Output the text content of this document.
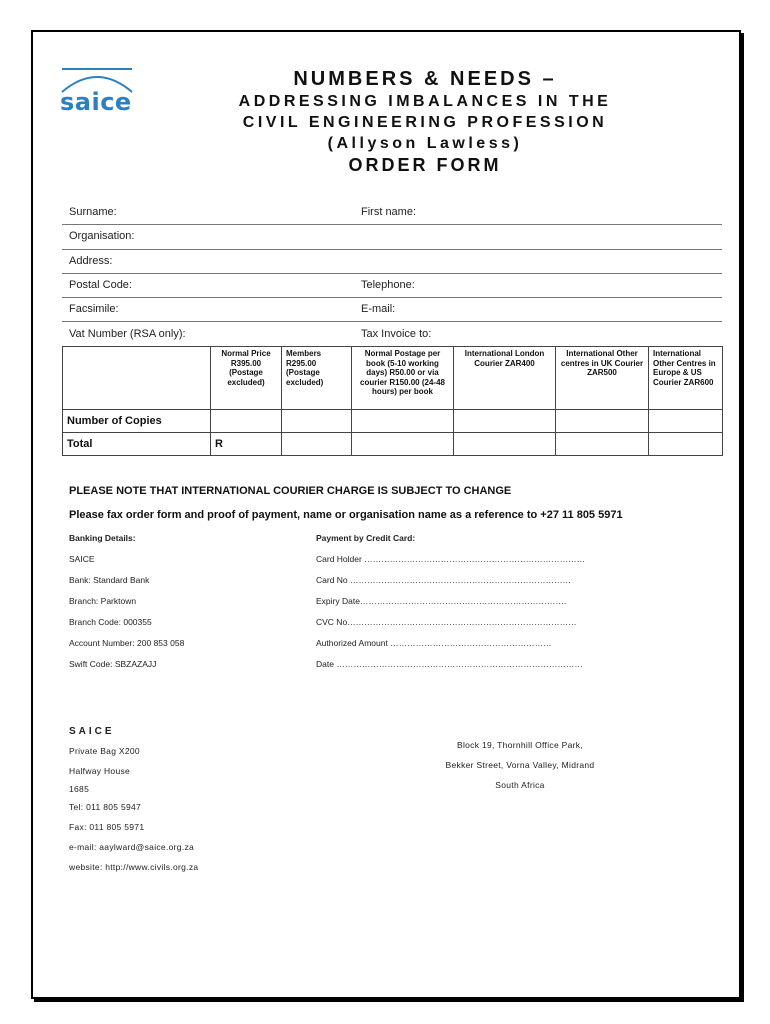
saice
NUMBERS & NEEDS –
ADDRESSING IMBALANCES IN THE
CIVIL ENGINEERING PROFESSION
(Allyson Lawless)
ORDER FORM
Surname:	First name:
Organisation:
Address:
Postal Code:	Telephone:
Facsimile:	E-mail:
Vat Number (RSA only):	Tax Invoice to:
	Normal Price R395.00 (Postage excluded)	Members R295.00 (Postage excluded)	Normal Postage per book (5-10 working days) R50.00 or via courier R150.00 (24-48 hours) per book	International London Courier ZAR400	International Other centres in UK Courier ZAR500	International Other Centres in Europe & US Courier ZAR600
Number of Copies						
Total	R					
PLEASE NOTE THAT INTERNATIONAL COURIER CHARGE IS SUBJECT TO CHANGE
Please fax order form and proof of payment, name or organisation name as a reference to +27 11 805 5971
Banking Details:
SAICE
Bank: Standard Bank
Branch: Parktown
Branch Code: 000355
Account Number: 200 853 058
Swift Code: SBZAZAJJ
Payment by Credit Card:
Card Holder ……………………………………………………………………
Card No ……………………………………………………………………
Expiry Date……………………………………………………………….
CVC No………………………………………………………………………
Authorized Amount …………………………………………………
Date ……………………………………………………………………………
SAICE
Private Bag X200
Halfway House
1685
Tel: 011 805 5947
Fax: 011 805 5971
e-mail: aaylward@saice.org.za
website: http://www.civils.org.za
Block 19, Thornhill Office Park,
Bekker Street, Vorna Valley, Midrand
South Africa
